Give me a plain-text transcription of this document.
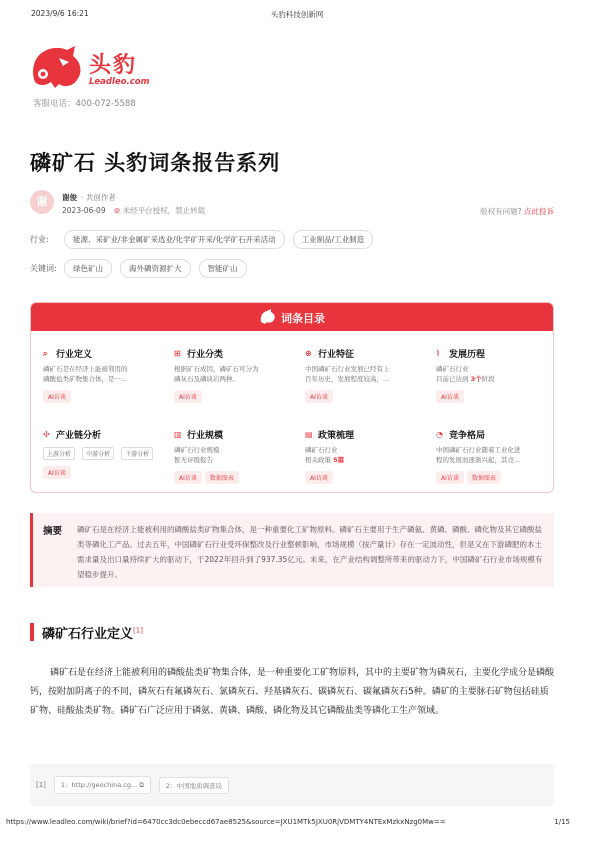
2023/9/6 16:21	头豹科技创新网
头豹
Leadleo.com
客服电话：400-072-5588
磷矿石 头豹词条报告系列
谢	谢俊 · 共创作者
2023-06-09 ⊘ 未经平台授权，禁止转载	版权有问题? 点此投诉
行业:	能源、采矿业/非金属矿采选业/化学矿开采/化学矿石开采活动	工业制品/工业制造
关键词:	绿色矿山	海外磷资源扩大	智能矿山
词条目录
⌕ 行业定义
磷矿石是在经济上能被利用的
磷酸盐类矿物集合体，是一...
AI访谈
⊞ 行业分类
根据矿石成因，磷矿石可分为
磷灰石及磷块岩两种。
AI访谈
⊕ 行业特征
中国磷矿石行业发展已经有上
百年历史，发展程度较高，...
AI访谈
⌇	发展历程
磷矿石行业
目前已达到 3个阶段
AI访谈
✣ 产业链分析
上游分析	中游分析	下游分析
AI访谈
▥ 行业规模
磷矿石行业规模
暂无评级报告
AI访谈 数据图表
▤ 政策梳理
磷矿石行业
相关政策 5篇
AI访谈
◔ 竞争格局
中国磷矿石行业随着工业化进
程的发展而逐渐兴起，其竞...
AI访谈 数据图表
摘要 磷矿石是在经济上能被利用的磷酸盐类矿物集合体，是一种重要化工矿物原料。磷矿石主要用于生产磷氨、黄磷、磷酸、磷化物及其它磷酸盐类等磷化工产品。过去五年，中国磷矿石行业受环保整改及行业整顿影响，市场规模（按产量计）存在一定波动性，但是又在下游磷肥的本土需求量及出口量持续扩大的驱动下，于2022年回升到了937.35亿元。未来，在产业结构调整所带来的驱动力下，中国磷矿石行业市场规模有望稳步提升。
磷矿石行业定义[1]
磷矿石是在经济上能被利用的磷酸盐类矿物集合体，是一种重要化工矿物原料，其中的主要矿物为磷灰石，主要化学成分是磷酸钙，按附加阴离子的不同，磷灰石有氟磷灰石、氯磷灰石、羟基磷灰石、碳磷灰石、碳氟磷灰石5种。磷矿的主要脉石矿物包括硅质矿物、硅酸盐类矿物。磷矿石广泛应用于磷氨、黄磷、磷酸、磷化物及其它磷酸盐类等磷化工生产领域。
[1]	1：http://geochina.cg... ⧉	2：中国地质调查局
https://www.leadleo.com/wiki/brief?id=6470cc3dc0ebeccd67ae8525&source=JXU1MTk5JXU0RjVDMTY4NTExMzkxNzg0Mw==	1/15
